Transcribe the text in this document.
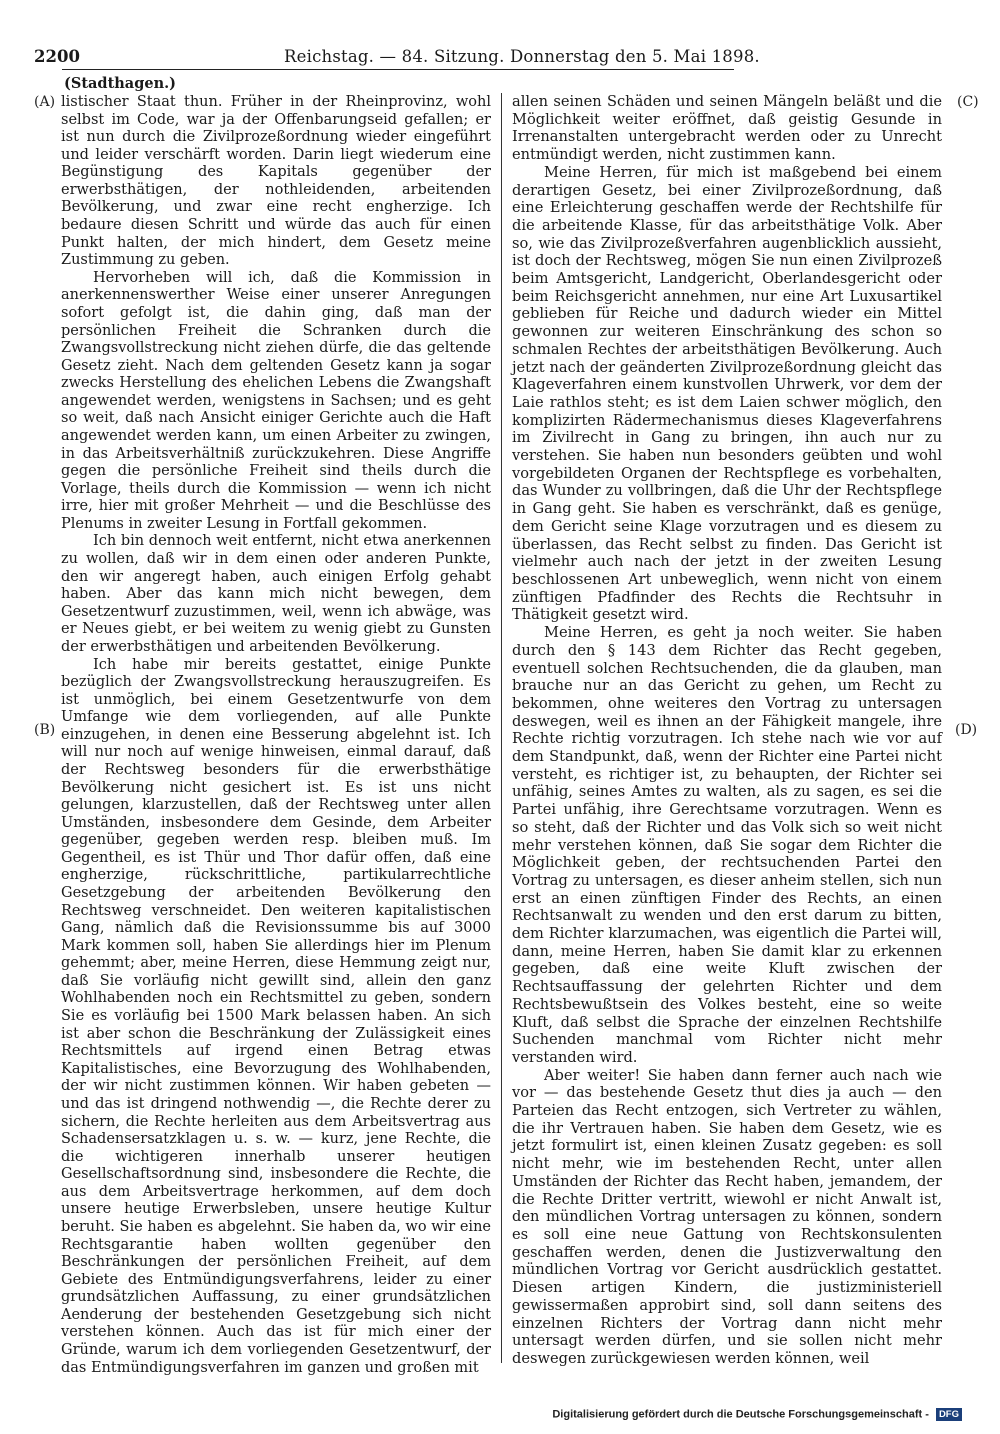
2200	Reichstag. — 84. Sitzung. Donnerstag den 5. Mai 1898.
(Stadthagen.)
(A)
(B)
(C)
(D)

listischer Staat thun. Früher in der Rheinprovinz, wohl selbst im Code, war ja der Offenbarungseid gefallen; er ist nun durch die Zivilprozeßordnung wieder eingeführt und leider verschärft worden. Darin liegt wiederum eine Begünstigung des Kapitals gegenüber der erwerbsthätigen, der nothleidenden, arbeitenden Bevölkerung, und zwar eine recht engherzige. Ich bedaure diesen Schritt und würde das auch für einen Punkt halten, der mich hindert, dem Gesetz meine Zustimmung zu geben.

Hervorheben will ich, daß die Kommission in anerkennenswerther Weise einer unserer Anregungen sofort gefolgt ist, die dahin ging, daß man der persönlichen Freiheit die Schranken durch die Zwangsvollstreckung nicht ziehen dürfe, die das geltende Gesetz zieht. Nach dem geltenden Gesetz kann ja sogar zwecks Herstellung des ehelichen Lebens die Zwangshaft angewendet werden, wenigstens in Sachsen; und es geht so weit, daß nach Ansicht einiger Gerichte auch die Haft angewendet werden kann, um einen Arbeiter zu zwingen, in das Arbeitsverhältniß zurückzukehren. Diese Angriffe gegen die persönliche Freiheit sind theils durch die Vorlage, theils durch die Kommission — wenn ich nicht irre, hier mit großer Mehrheit — und die Beschlüsse des Plenums in zweiter Lesung in Fortfall gekommen.

Ich bin dennoch weit entfernt, nicht etwa anerkennen zu wollen, daß wir in dem einen oder anderen Punkte, den wir angeregt haben, auch einigen Erfolg gehabt haben. Aber das kann mich nicht bewegen, dem Gesetzentwurf zuzustimmen, weil, wenn ich abwäge, was er Neues giebt, er bei weitem zu wenig giebt zu Gunsten der erwerbsthätigen und arbeitenden Bevölkerung.

Ich habe mir bereits gestattet, einige Punkte bezüglich der Zwangsvollstreckung herauszugreifen. Es ist unmöglich, bei einem Gesetzentwurfe von dem Umfange wie dem vorliegenden, auf alle Punkte einzugehen, in denen eine Besserung abgelehnt ist. Ich will nur noch auf wenige hinweisen, einmal darauf, daß der Rechtsweg besonders für die erwerbsthätige Bevölkerung nicht gesichert ist. Es ist uns nicht gelungen, klarzustellen, daß der Rechtsweg unter allen Umständen, insbesondere dem Gesinde, dem Arbeiter gegenüber, gegeben werden resp. bleiben muß. Im Gegentheil, es ist Thür und Thor dafür offen, daß eine engherzige, rückschrittliche, partikularrechtliche Gesetzgebung der arbeitenden Bevölkerung den Rechtsweg verschneidet. Den weiteren kapitalistischen Gang, nämlich daß die Revisionssumme bis auf 3000 Mark kommen soll, haben Sie allerdings hier im Plenum gehemmt; aber, meine Herren, diese Hemmung zeigt nur, daß Sie vorläufig nicht gewillt sind, allein den ganz Wohlhabenden noch ein Rechtsmittel zu geben, sondern Sie es vorläufig bei 1500 Mark belassen haben. An sich ist aber schon die Beschränkung der Zulässigkeit eines Rechtsmittels auf irgend einen Betrag etwas Kapitalistisches, eine Bevorzugung des Wohlhabenden, der wir nicht zustimmen können. Wir haben gebeten — und das ist dringend nothwendig —, die Rechte derer zu sichern, die Rechte herleiten aus dem Arbeitsvertrag aus Schadensersatzklagen u. s. w. — kurz, jene Rechte, die die wichtigeren innerhalb unserer heutigen Gesellschaftsordnung sind, insbesondere die Rechte, die aus dem Arbeitsvertrage herkommen, auf dem doch unsere heutige Erwerbsleben, unsere heutige Kultur beruht. Sie haben es abgelehnt. Sie haben da, wo wir eine Rechtsgarantie haben wollten gegenüber den Beschränkungen der persönlichen Freiheit, auf dem Gebiete des Entmündigungsverfahrens, leider zu einer grundsätzlichen Auffassung, zu einer grundsätzlichen Aenderung der bestehenden Gesetzgebung sich nicht verstehen können. Auch das ist für mich einer der Gründe, warum ich dem vorliegenden Gesetzentwurf, der das Entmündigungsverfahren im ganzen und großen mit

allen seinen Schäden und seinen Mängeln beläßt und die Möglichkeit weiter eröffnet, daß geistig Gesunde in Irrenanstalten untergebracht werden oder zu Unrecht entmündigt werden, nicht zustimmen kann.

Meine Herren, für mich ist maßgebend bei einem derartigen Gesetz, bei einer Zivilprozeßordnung, daß eine Erleichterung geschaffen werde der Rechtshilfe für die arbeitende Klasse, für das arbeitsthätige Volk. Aber so, wie das Zivilprozeßverfahren augenblicklich aussieht, ist doch der Rechtsweg, mögen Sie nun einen Zivilprozeß beim Amtsgericht, Landgericht, Oberlandesgericht oder beim Reichsgericht annehmen, nur eine Art Luxusartikel geblieben für Reiche und dadurch wieder ein Mittel gewonnen zur weiteren Einschränkung des schon so schmalen Rechtes der arbeitsthätigen Bevölkerung. Auch jetzt nach der geänderten Zivilprozeßordnung gleicht das Klageverfahren einem kunstvollen Uhrwerk, vor dem der Laie rathlos steht; es ist dem Laien schwer möglich, den komplizirten Rädermechanismus dieses Klageverfahrens im Zivilrecht in Gang zu bringen, ihn auch nur zu verstehen. Sie haben nun besonders geübten und wohl vorgebildeten Organen der Rechtspflege es vorbehalten, das Wunder zu vollbringen, daß die Uhr der Rechtspflege in Gang geht. Sie haben es verschränkt, daß es genüge, dem Gericht seine Klage vorzutragen und es diesem zu überlassen, das Recht selbst zu finden. Das Gericht ist vielmehr auch nach der jetzt in der zweiten Lesung beschlossenen Art unbeweglich, wenn nicht von einem zünftigen Pfadfinder des Rechts die Rechtsuhr in Thätigkeit gesetzt wird.

Meine Herren, es geht ja noch weiter. Sie haben durch den § 143 dem Richter das Recht gegeben, eventuell solchen Rechtsuchenden, die da glauben, man brauche nur an das Gericht zu gehen, um Recht zu bekommen, ohne weiteres den Vortrag zu untersagen deswegen, weil es ihnen an der Fähigkeit mangele, ihre Rechte richtig vorzutragen. Ich stehe nach wie vor auf dem Standpunkt, daß, wenn der Richter eine Partei nicht versteht, es richtiger ist, zu behaupten, der Richter sei unfähig, seines Amtes zu walten, als zu sagen, es sei die Partei unfähig, ihre Gerechtsame vorzutragen. Wenn es so steht, daß der Richter und das Volk sich so weit nicht mehr verstehen können, daß Sie sogar dem Richter die Möglichkeit geben, der rechtsuchenden Partei den Vortrag zu untersagen, es dieser anheim stellen, sich nun erst an einen zünftigen Finder des Rechts, an einen Rechtsanwalt zu wenden und den erst darum zu bitten, dem Richter klarzumachen, was eigentlich die Partei will, dann, meine Herren, haben Sie damit klar zu erkennen gegeben, daß eine weite Kluft zwischen der Rechtsauffassung der gelehrten Richter und dem Rechtsbewußtsein des Volkes besteht, eine so weite Kluft, daß selbst die Sprache der einzelnen Rechtshilfe Suchenden manchmal vom Richter nicht mehr verstanden wird.

Aber weiter! Sie haben dann ferner auch nach wie vor — das bestehende Gesetz thut dies ja auch — den Parteien das Recht entzogen, sich Vertreter zu wählen, die ihr Vertrauen haben. Sie haben dem Gesetz, wie es jetzt formulirt ist, einen kleinen Zusatz gegeben: es soll nicht mehr, wie im bestehenden Recht, unter allen Umständen der Richter das Recht haben, jemandem, der die Rechte Dritter vertritt, wiewohl er nicht Anwalt ist, den mündlichen Vortrag untersagen zu können, sondern es soll eine neue Gattung von Rechtskonsulenten geschaffen werden, denen die Justizverwaltung den mündlichen Vortrag vor Gericht ausdrücklich gestattet. Diesen artigen Kindern, die justizministeriell gewissermaßen approbirt sind, soll dann seitens des einzelnen Richters der Vortrag dann nicht mehr untersagt werden dürfen, und sie sollen nicht mehr deswegen zurückgewiesen werden können, weil

Digitalisierung gefördert durch die Deutsche Forschungsgemeinschaft - DFG
